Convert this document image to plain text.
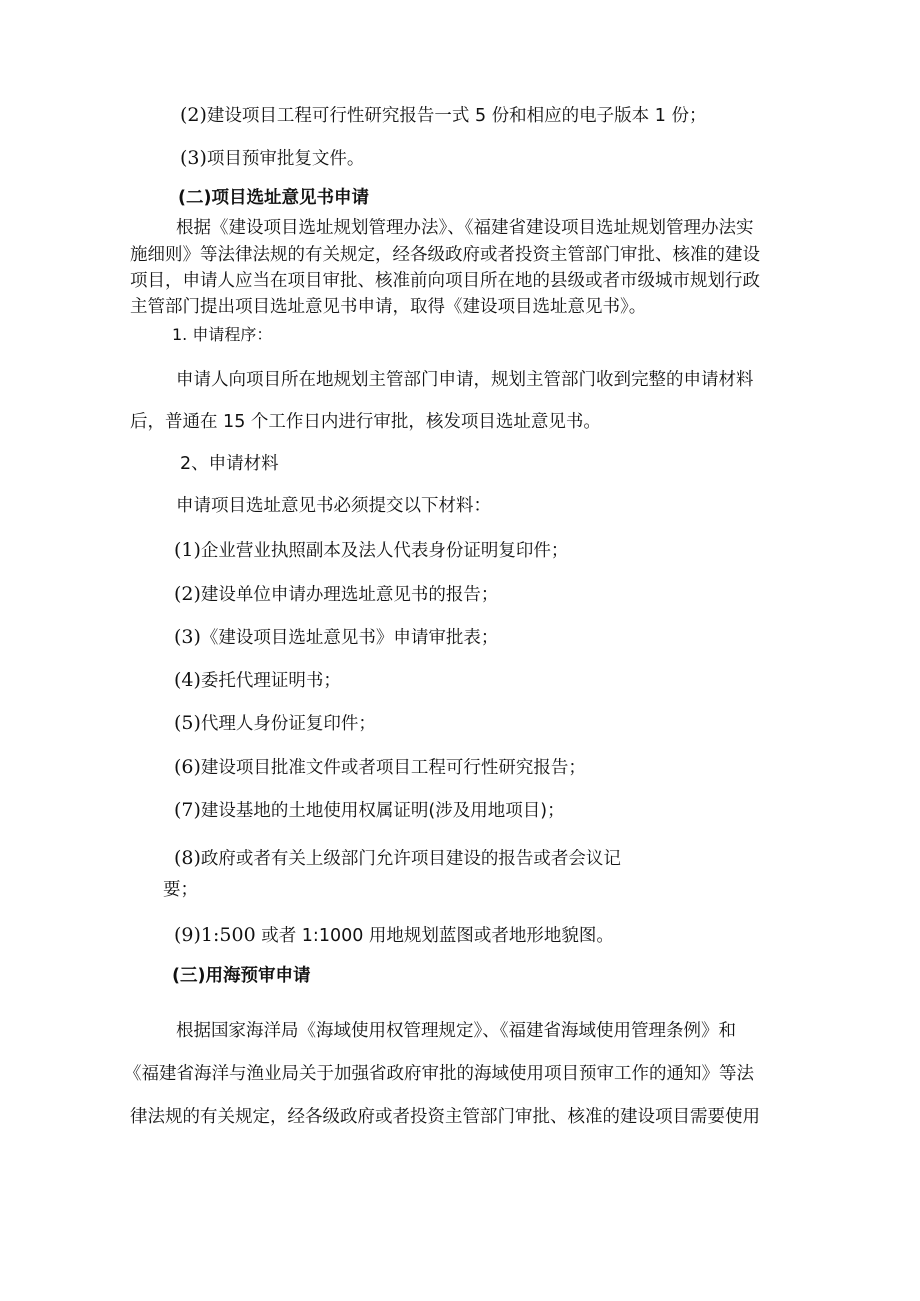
(2)建设项目工程可行性研究报告一式 5 份和相应的电子版本 1 份；
(3)项目预审批复文件。
(二)项目选址意见书申请
根据《建设项目选址规划管理办法》、《福建省建设项目选址规划管理办法实
施细则》等法律法规的有关规定，经各级政府或者投资主管部门审批、核准的建设
项目，申请人应当在项目审批、核准前向项目所在地的县级或者市级城市规划行政
主管部门提出项目选址意见书申请，取得《建设项目选址意见书》。
1. 申请程序：
申请人向项目所在地规划主管部门申请，规划主管部门收到完整的申请材料
后，普通在 15 个工作日内进行审批，核发项目选址意见书。
2、申请材料
申请项目选址意见书必须提交以下材料：
(1)企业营业执照副本及法人代表身份证明复印件；
(2)建设单位申请办理选址意见书的报告；
(3)《建设项目选址意见书》申请审批表；
(4)委托代理证明书；
(5)代理人身份证复印件；
(6)建设项目批准文件或者项目工程可行性研究报告；
(7)建设基地的土地使用权属证明(涉及用地项目)；
(8)政府或者有关上级部门允许项目建设的报告或者会议记
要；
(9)1:500 或者 1:1000 用地规划蓝图或者地形地貌图。
(三)用海预审申请
根据国家海洋局《海域使用权管理规定》、《福建省海域使用管理条例》和
《福建省海洋与渔业局关于加强省政府审批的海域使用项目预审工作的通知》等法
律法规的有关规定，经各级政府或者投资主管部门审批、核准的建设项目需要使用
